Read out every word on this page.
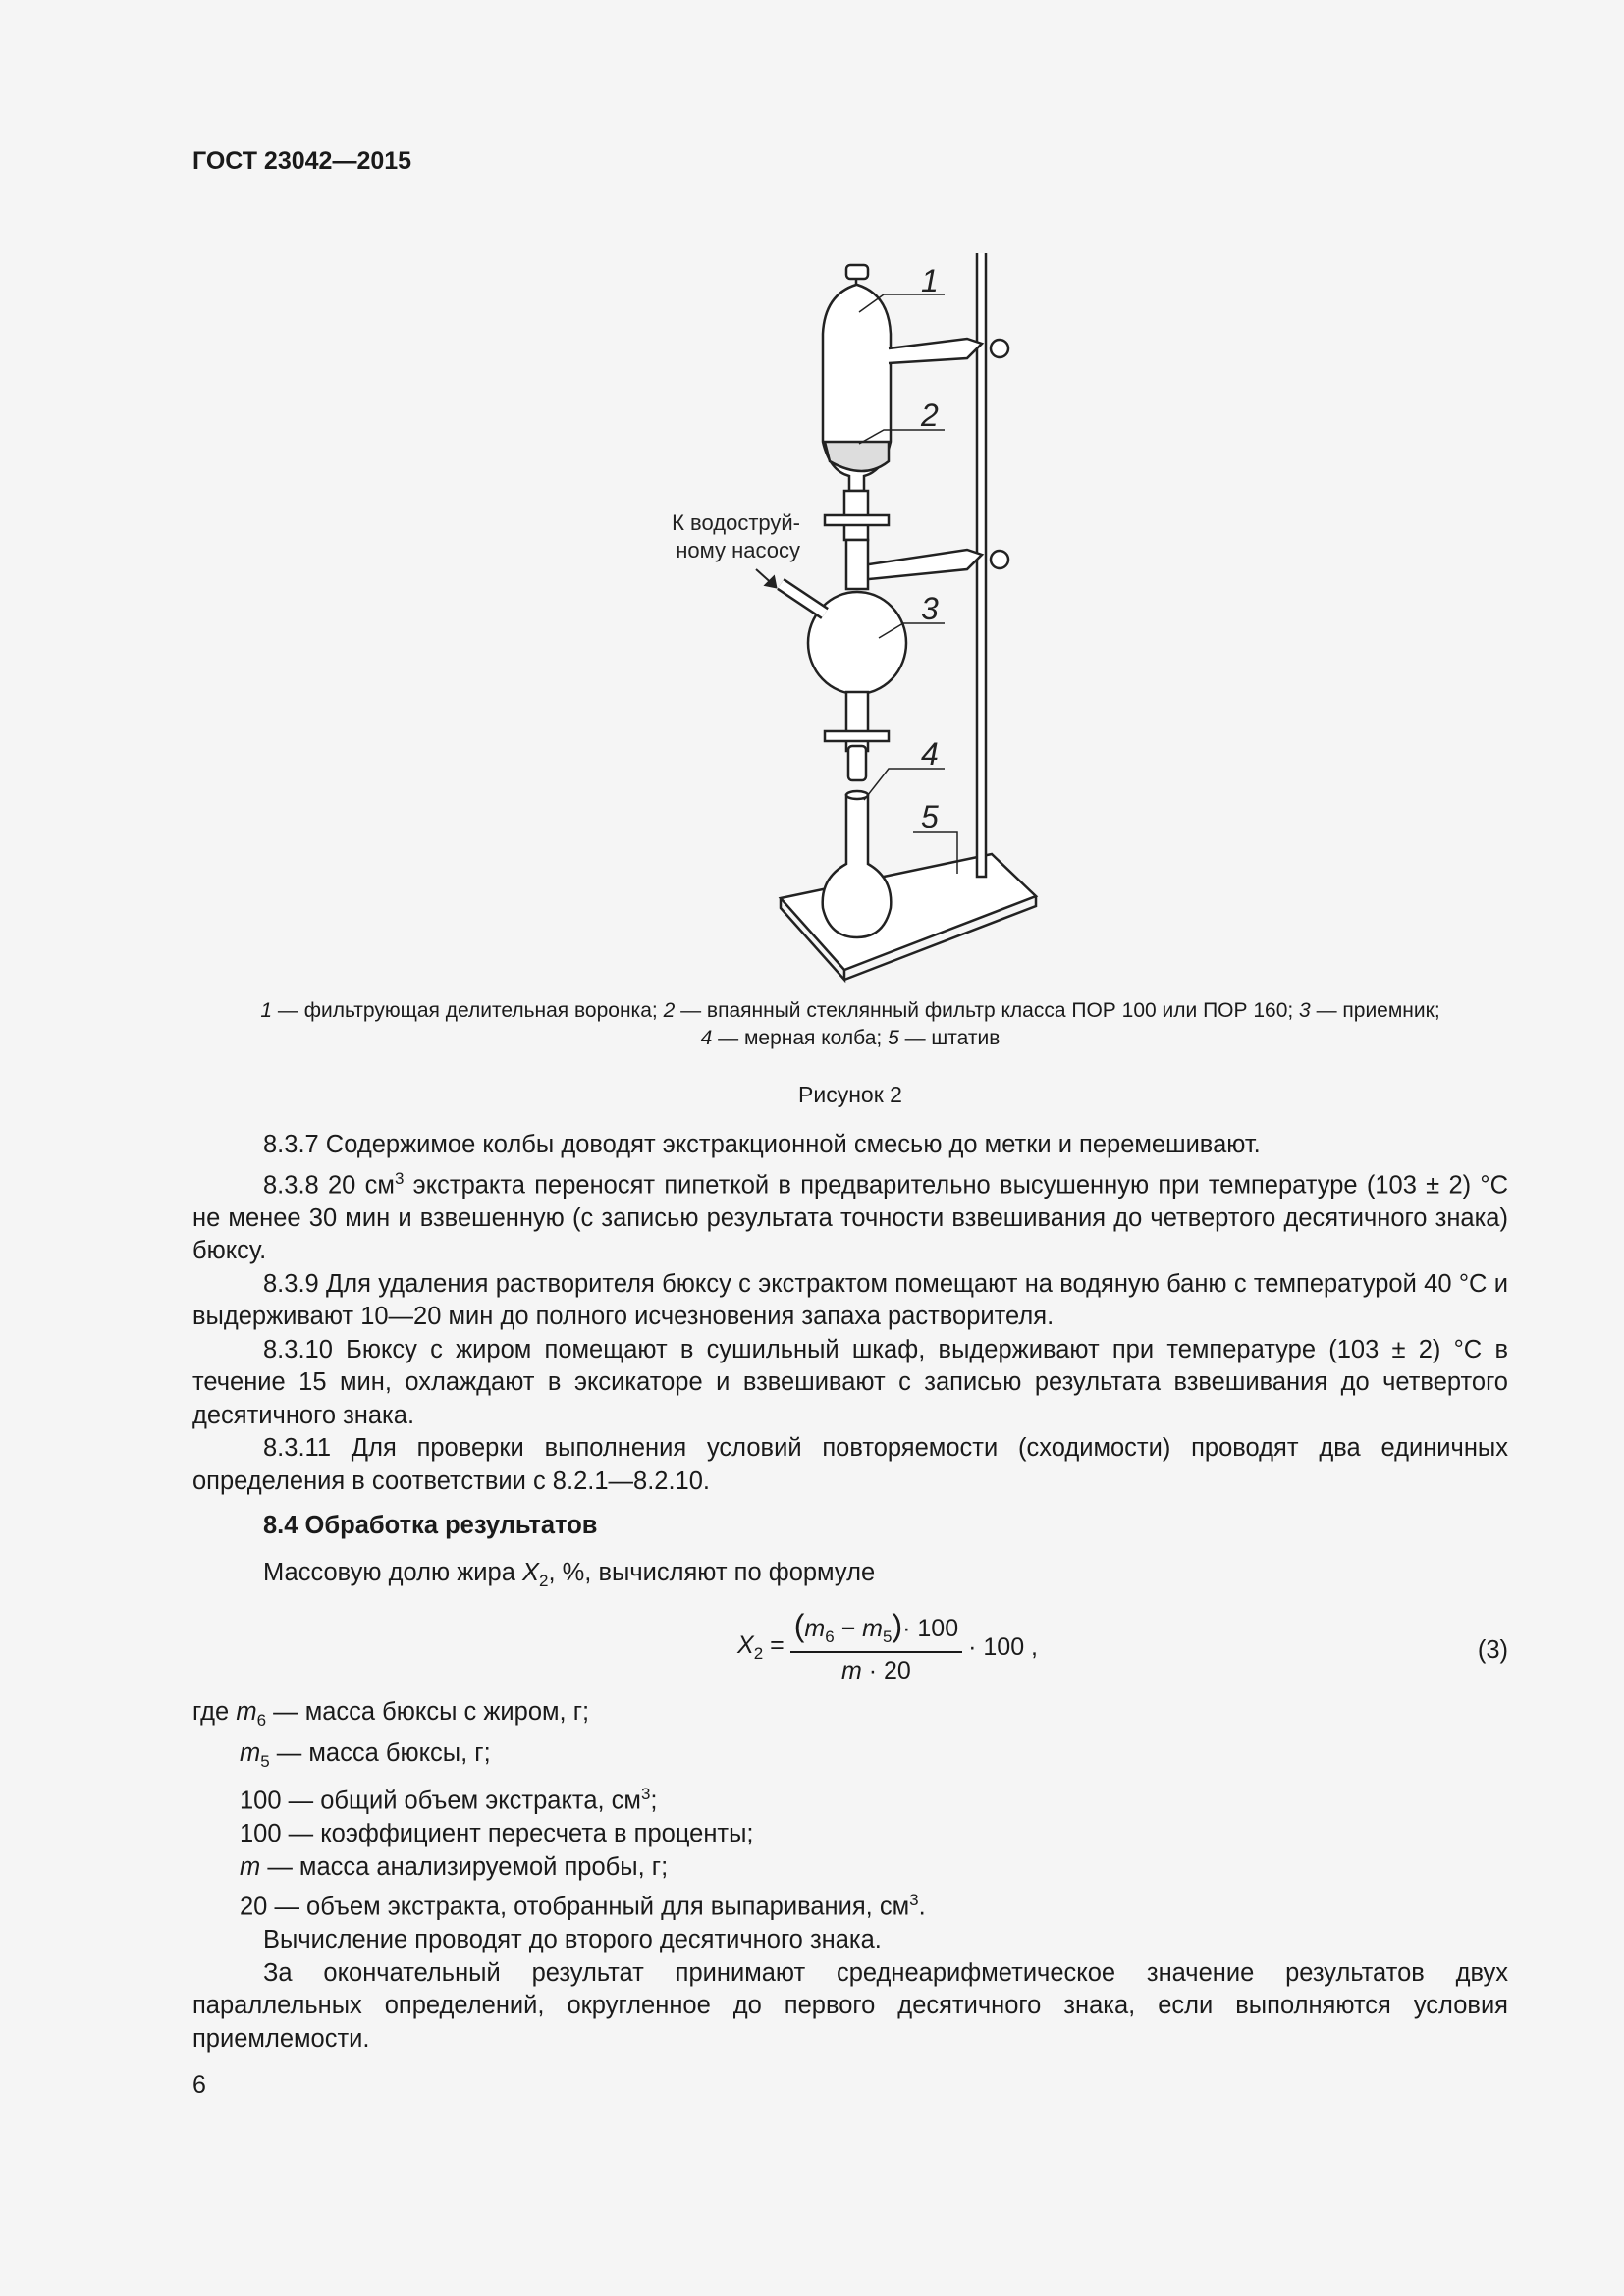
ГОСТ 23042—2015
1
2
3
4
5
К водоструй-
ному насосу
1 — фильтрующая делительная воронка; 2 — впаянный стеклянный фильтр класса ПОР 100 или ПОР 160; 3 — приемник;
4 — мерная колба; 5 — штатив
Рисунок 2

8.3.7 Содержимое колбы доводят экстракционной смесью до метки и перемешивают.

8.3.8 20 $см^3$ экстракта переносят пипеткой в предварительно высушенную при температуре (103 ± 2) °С не менее 30 мин и взвешенную (с записью результата точности взвешивания до четвертого десятичного знака) бюксу.

8.3.9 Для удаления растворителя бюксу с экстрактом помещают на водяную баню с температурой 40 °С и выдерживают 10—20 мин до полного исчезновения запаха растворителя.

8.3.10 Бюксу с жиром помещают в сушильный шкаф, выдерживают при температуре (103 ± 2) °С в течение 15 мин, охлаждают в эксикаторе и взвешивают с записью результата взвешивания до четвертого десятичного знака.

8.3.11 Для проверки выполнения условий повторяемости (сходимости) проводят два единичных определения в соответствии с 8.2.1—8.2.10.

8.4 Обработка результатов
Массовую долю жира $X_2$, %, вычисляют по формуле
$X_2$ =	$(m_6 - m_5)\cdot 100$	· 100 ,
m · 20
(3)
где $m_6$ — масса бюксы с жиром, г;
$m_5$ — масса бюксы, г;
100 — общий объем экстракта, $см^3$;
100 — коэффициент пересчета в проценты;
m — масса анализируемой пробы, г;
20 — объем экстракта, отобранный для выпаривания, $см^3$.

Вычисление проводят до второго десятичного знака.

За окончательный результат принимают среднеарифметическое значение результатов двух параллельных определений, округленное до первого десятичного знака, если выполняются условия приемлемости.

6
